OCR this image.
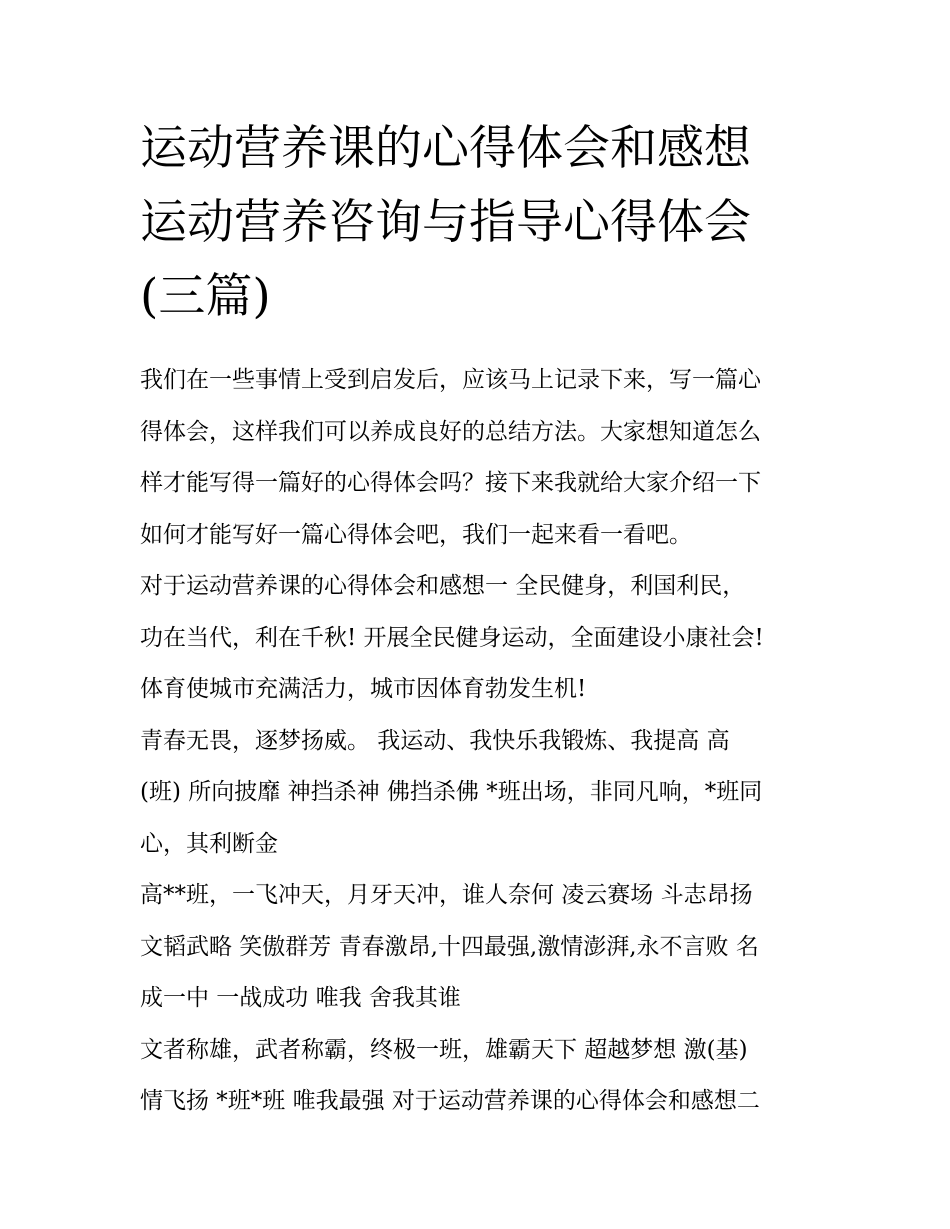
运动营养课的心得体会和感想
运动营养咨询与指导心得体会
(三篇)
我们在一些事情上受到启发后，应该马上记录下来，写一篇心
得体会，这样我们可以养成良好的总结方法。大家想知道怎么
样才能写得一篇好的心得体会吗？接下来我就给大家介绍一下
如何才能写好一篇心得体会吧，我们一起来看一看吧。
对于运动营养课的心得体会和感想一 全民健身，利国利民，
功在当代，利在千秋! 开展全民健身运动，全面建设小康社会!
体育使城市充满活力，城市因体育勃发生机!
青春无畏，逐梦扬威。 我运动、我快乐我锻炼、我提高 高
(班) 所向披靡 神挡杀神 佛挡杀佛 *班出场，非同凡响，*班同
心，其利断金
高**班，一飞冲天，月牙天冲，谁人奈何 凌云赛场 斗志昂扬
文韬武略 笑傲群芳 青春激昂,十四最强,激情澎湃,永不言败 名
成一中 一战成功 唯我 舍我其谁
文者称雄，武者称霸，终极一班，雄霸天下 超越梦想 激(基)
情飞扬 *班*班 唯我最强 对于运动营养课的心得体会和感想二
